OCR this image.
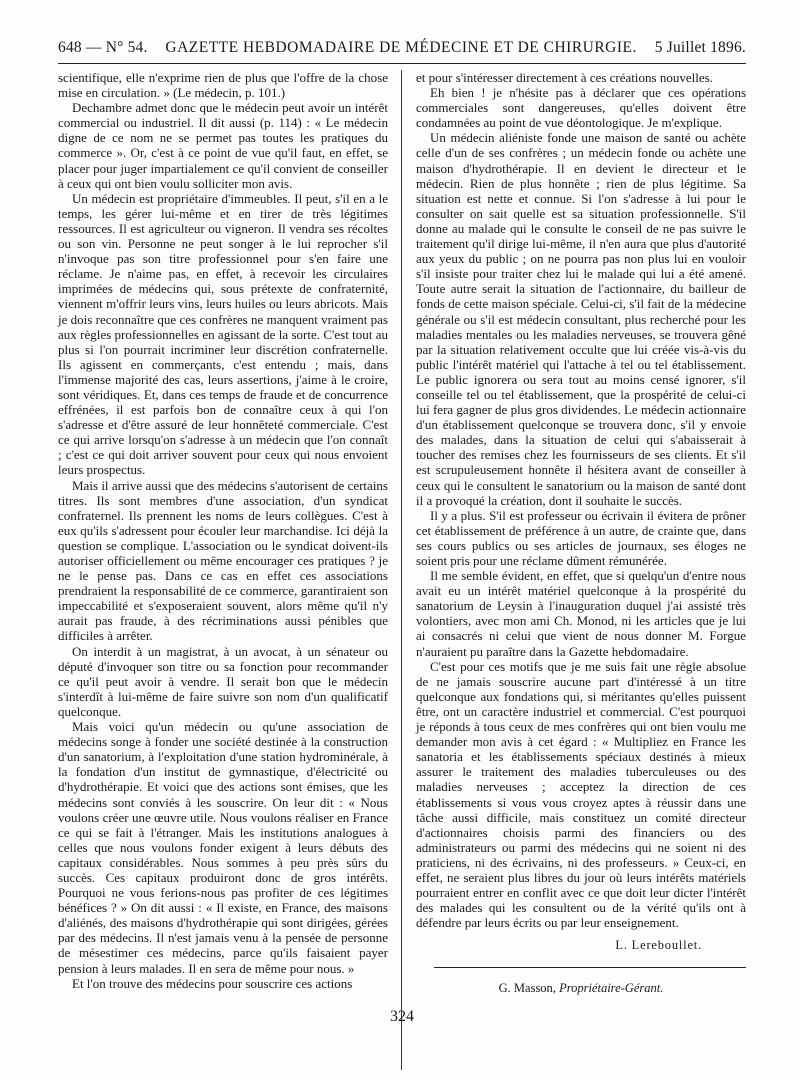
648 — N° 54. GAZETTE HEBDOMADAIRE DE MÉDECINE ET DE CHIRURGIE. 5 Juillet 1896.

scientifique, elle n'exprime rien de plus que l'offre de la chose mise en circulation. » (Le médecin, p. 101.)

Dechambre admet donc que le médecin peut avoir un intérêt commercial ou industriel. Il dit aussi (p. 114) : « Le médecin digne de ce nom ne se permet pas toutes les pratiques du commerce ». Or, c'est à ce point de vue qu'il faut, en effet, se placer pour juger impartialement ce qu'il convient de conseiller à ceux qui ont bien voulu solliciter mon avis.

Un médecin est propriétaire d'immeubles. Il peut, s'il en a le temps, les gérer lui-même et en tirer de très légitimes ressources. Il est agriculteur ou vigneron. Il vendra ses récoltes ou son vin. Personne ne peut songer à le lui reprocher s'il n'invoque pas son titre professionnel pour s'en faire une réclame. Je n'aime pas, en effet, à recevoir les circulaires imprimées de médecins qui, sous prétexte de confraternité, viennent m'offrir leurs vins, leurs huiles ou leurs abricots. Mais je dois reconnaître que ces confrères ne manquent vraiment pas aux règles professionnelles en agissant de la sorte. C'est tout au plus si l'on pourrait incriminer leur discrétion confraternelle. Ils agissent en commerçants, c'est entendu ; mais, dans l'immense majorité des cas, leurs assertions, j'aime à le croire, sont véridiques. Et, dans ces temps de fraude et de concurrence effrénées, il est parfois bon de connaître ceux à qui l'on s'adresse et d'être assuré de leur honnêteté commerciale. C'est ce qui arrive lorsqu'on s'adresse à un médecin que l'on connaît ; c'est ce qui doit arriver souvent pour ceux qui nous envoient leurs prospectus.

Mais il arrive aussi que des médecins s'autorisent de certains titres. Ils sont membres d'une association, d'un syndicat confraternel. Ils prennent les noms de leurs collègues. C'est à eux qu'ils s'adressent pour écouler leur marchandise. Ici déjà la question se complique. L'association ou le syndicat doivent-ils autoriser officiellement ou même encourager ces pratiques ? je ne le pense pas. Dans ce cas en effet ces associations prendraient la responsabilité de ce commerce, garantiraient son impeccabilité et s'exposeraient souvent, alors même qu'il n'y aurait pas fraude, à des récriminations aussi pénibles que difficiles à arrêter.

On interdit à un magistrat, à un avocat, à un sénateur ou député d'invoquer son titre ou sa fonction pour recommander ce qu'il peut avoir à vendre. Il serait bon que le médecin s'interdît à lui-même de faire suivre son nom d'un qualificatif quelconque.

Mais voici qu'un médecin ou qu'une association de médecins songe à fonder une société destinée à la construction d'un sanatorium, à l'exploitation d'une station hydrominérale, à la fondation d'un institut de gymnastique, d'électricité ou d'hydrothérapie. Et voici que des actions sont émises, que les médecins sont conviés à les souscrire. On leur dit : « Nous voulons créer une œuvre utile. Nous voulons réaliser en France ce qui se fait à l'étranger. Mais les institutions analogues à celles que nous voulons fonder exigent à leurs débuts des capitaux considérables. Nous sommes à peu près sûrs du succès. Ces capitaux produiront donc de gros intérêts. Pourquoi ne vous ferions-nous pas profiter de ces légitimes bénéfices ? » On dit aussi : « Il existe, en France, des maisons d'aliénés, des maisons d'hydrothérapie qui sont dirigées, gérées par des médecins. Il n'est jamais venu à la pensée de personne de mésestimer ces médecins, parce qu'ils faisaient payer pension à leurs malades. Il en sera de même pour nous. »

Et l'on trouve des médecins pour souscrire ces actions

et pour s'intéresser directement à ces créations nouvelles.

Eh bien ! je n'hésite pas à déclarer que ces opérations commerciales sont dangereuses, qu'elles doivent être condamnées au point de vue déontologique. Je m'explique.

Un médecin aliéniste fonde une maison de santé ou achète celle d'un de ses confrères ; un médecin fonde ou achète une maison d'hydrothérapie. Il en devient le directeur et le médecin. Rien de plus honnête ; rien de plus légitime. Sa situation est nette et connue. Si l'on s'adresse à lui pour le consulter on sait quelle est sa situation professionnelle. S'il donne au malade qui le consulte le conseil de ne pas suivre le traitement qu'il dirige lui-même, il n'en aura que plus d'autorité aux yeux du public ; on ne pourra pas non plus lui en vouloir s'il insiste pour traiter chez lui le malade qui lui a été amené. Toute autre serait la situation de l'actionnaire, du bailleur de fonds de cette maison spéciale. Celui-ci, s'il fait de la médecine générale ou s'il est médecin consultant, plus recherché pour les maladies mentales ou les maladies nerveuses, se trouvera gêné par la situation relativement occulte que lui créée vis-à-vis du public l'intérêt matériel qui l'attache à tel ou tel établissement. Le public ignorera ou sera tout au moins censé ignorer, s'il conseille tel ou tel établissement, que la prospérité de celui-ci lui fera gagner de plus gros dividendes. Le médecin actionnaire d'un établissement quelconque se trouvera donc, s'il y envoie des malades, dans la situation de celui qui s'abaisserait à toucher des remises chez les fournisseurs de ses clients. Et s'il est scrupuleusement honnête il hésitera avant de conseiller à ceux qui le consultent le sanatorium ou la maison de santé dont il a provoqué la création, dont il souhaite le succès.

Il y a plus. S'il est professeur ou écrivain il évitera de prôner cet établissement de préférence à un autre, de crainte que, dans ses cours publics ou ses articles de journaux, ses éloges ne soient pris pour une réclame dûment rémunérée.

Il me semble évident, en effet, que si quelqu'un d'entre nous avait eu un intérêt matériel quelconque à la prospérité du sanatorium de Leysin à l'inauguration duquel j'ai assisté très volontiers, avec mon ami Ch. Monod, ni les articles que je lui ai consacrés ni celui que vient de nous donner M. Forgue n'auraient pu paraître dans la Gazette hebdomadaire.

C'est pour ces motifs que je me suis fait une règle absolue de ne jamais souscrire aucune part d'intéressé à un titre quelconque aux fondations qui, si méritantes qu'elles puissent être, ont un caractère industriel et commercial. C'est pourquoi je réponds à tous ceux de mes confrères qui ont bien voulu me demander mon avis à cet égard : « Multipliez en France les sanatoria et les établissements spéciaux destinés à mieux assurer le traitement des maladies tuberculeuses ou des maladies nerveuses ; acceptez la direction de ces établissements si vous vous croyez aptes à réussir dans une tâche aussi difficile, mais constituez un comité directeur d'actionnaires choisis parmi des financiers ou des administrateurs ou parmi des médecins qui ne soient ni des praticiens, ni des écrivains, ni des professeurs. » Ceux-ci, en effet, ne seraient plus libres du jour où leurs intérêts matériels pourraient entrer en conflit avec ce que doit leur dicter l'intérêt des malades qui les consultent ou de la vérité qu'ils ont à défendre par leurs écrits ou par leur enseignement.

L. Lereboullet.
G. Masson, Propriétaire-Gérant.
324
